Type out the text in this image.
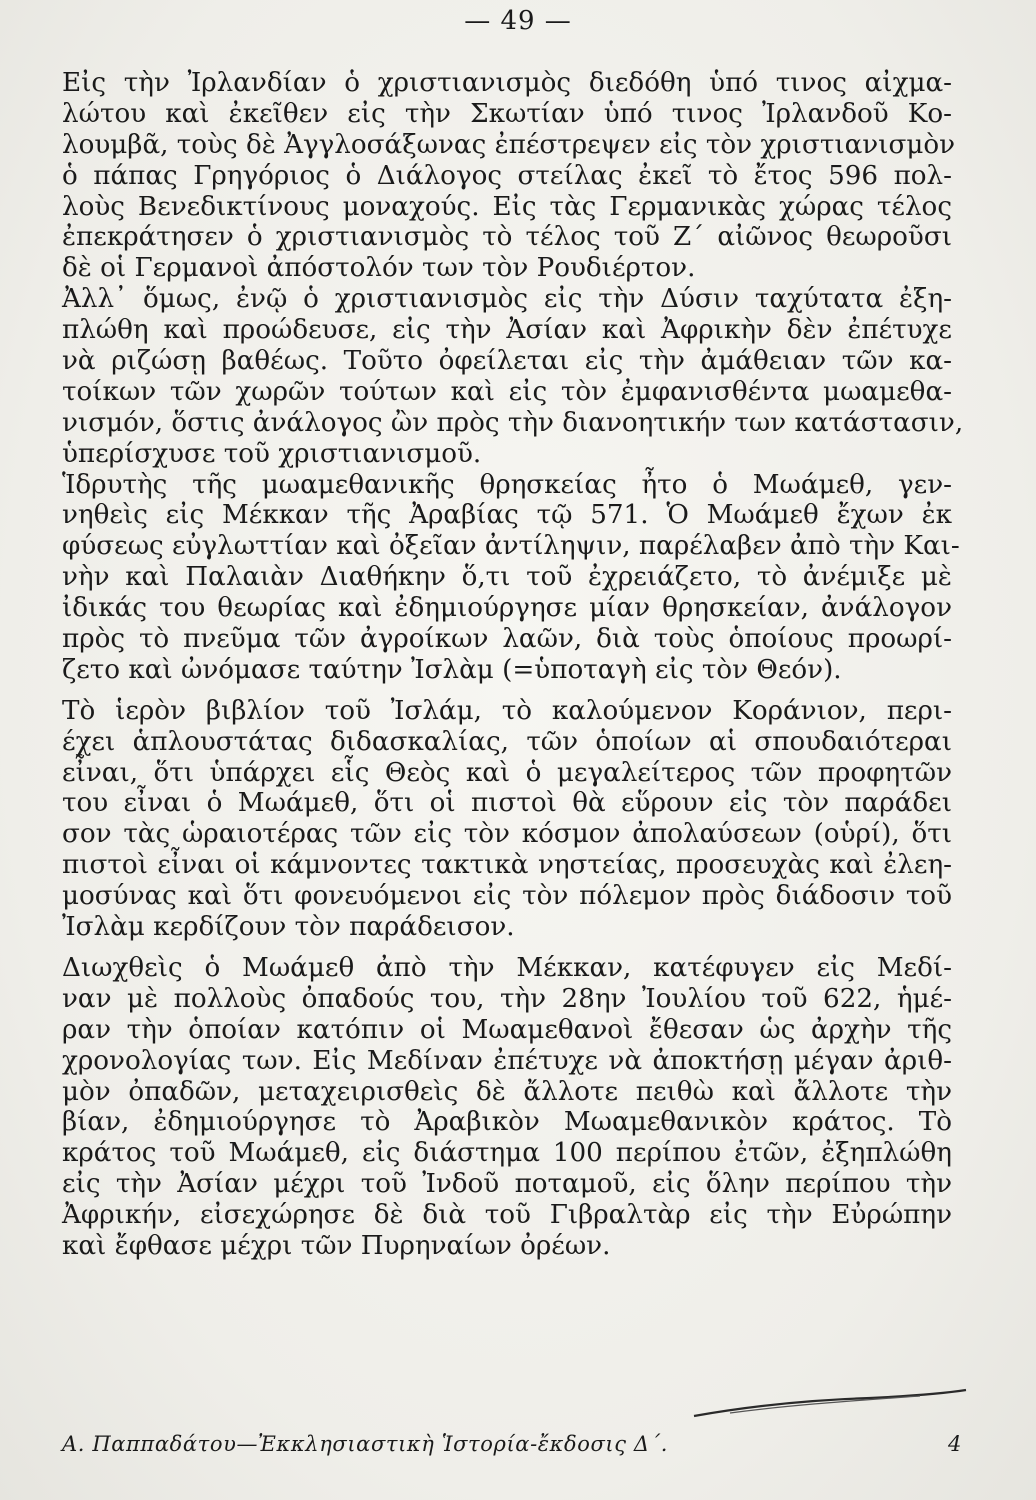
— 49 —
Εἰς τὴν Ἰρλανδίαν ὁ χριστιανισμὸς διεδόθη ὑπό τινος αἰχμα-
λώτου καὶ ἐκεῖθεν εἰς τὴν Σκωτίαν ὑπό τινος Ἰρλανδοῦ Κο-
λουμβᾶ, τοὺς δὲ Ἀγγλοσάξωνας ἐπέστρεψεν εἰς τὸν χριστιανισμὸν
ὁ πάπας Γρηγόριος ὁ Διάλογος στείλας ἐκεῖ τὸ ἔτος 596 πολ-
λοὺς Βενεδικτίνους μοναχούς. Εἰς τὰς Γερμανικὰς χώρας τέλος
ἐπεκράτησεν ὁ χριστιανισμὸς τὸ τέλος τοῦ Ζ΄ αἰῶνος θεωροῦσι
δὲ οἱ Γερμανοὶ ἀπόστολόν των τὸν Ρουδιέρτον.
Ἀλλ᾿ ὅμως, ἐνῷ ὁ χριστιανισμὸς εἰς τὴν Δύσιν ταχύτατα ἐξη-
πλώθη καὶ προώδευσε, εἰς τὴν Ἀσίαν καὶ Ἀφρικὴν δὲν ἐπέτυχε
νὰ ριζώσῃ βαθέως. Τοῦτο ὀφείλεται εἰς τὴν ἀμάθειαν τῶν κα-
τοίκων τῶν χωρῶν τούτων καὶ εἰς τὸν ἐμφανισθέντα μωαμεθα-
νισμόν, ὅστις ἀνάλογος ὢν πρὸς τὴν διανοητικήν των κατάστασιν,
ὑπερίσχυσε τοῦ χριστιανισμοῦ.
Ἱδρυτὴς τῆς μωαμεθανικῆς θρησκείας ἦτο ὁ Μωάμεθ, γεν-
νηθεὶς εἰς Μέκκαν τῆς Ἀραβίας τῷ 571. Ὁ Μωάμεθ ἔχων ἐκ
φύσεως εὐγλωττίαν καὶ ὀξεῖαν ἀντίληψιν, παρέλαβεν ἀπὸ τὴν Και-
νὴν καὶ Παλαιὰν Διαθήκην ὅ,τι τοῦ ἐχρειάζετο, τὸ ἀνέμιξε μὲ
ἰδικάς του θεωρίας καὶ ἐδημιούργησε μίαν θρησκείαν, ἀνάλογον
πρὸς τὸ πνεῦμα τῶν ἀγροίκων λαῶν, διὰ τοὺς ὁποίους προωρί-
ζετο καὶ ὠνόμασε ταύτην Ἰσλὰμ (=ὑποταγὴ εἰς τὸν Θεόν).
Τὸ ἱερὸν βιβλίον τοῦ Ἰσλάμ, τὸ καλούμενον Κοράνιον, περι-
έχει ἁπλουστάτας διδασκαλίας, τῶν ὁποίων αἱ σπουδαιότεραι
εἶναι, ὅτι ὑπάρχει εἷς Θεὸς καὶ ὁ μεγαλείτερος τῶν προφητῶν
του εἶναι ὁ Μωάμεθ, ὅτι οἱ πιστοὶ θὰ εὕρουν εἰς τὸν παράδει
σον τὰς ὡραιοτέρας τῶν εἰς τὸν κόσμον ἀπολαύσεων (οὑρί), ὅτι
πιστοὶ εἶναι οἱ κάμνοντες τακτικὰ νηστείας, προσευχὰς καὶ ἐλεη-
μοσύνας καὶ ὅτι φονευόμενοι εἰς τὸν πόλεμον πρὸς διάδοσιν τοῦ
Ἰσλὰμ κερδίζουν τὸν παράδεισον.
Διωχθεὶς ὁ Μωάμεθ ἀπὸ τὴν Μέκκαν, κατέφυγεν εἰς Μεδί-
ναν μὲ πολλοὺς ὀπαδούς του, τὴν 28ην Ἰουλίου τοῦ 622, ἡμέ-
ραν τὴν ὁποίαν κατόπιν οἱ Μωαμεθανοὶ ἔθεσαν ὡς ἀρχὴν τῆς
χρονολογίας των. Εἰς Μεδίναν ἐπέτυχε νὰ ἀποκτήσῃ μέγαν ἀριθ-
μὸν ὀπαδῶν, μεταχειρισθεὶς δὲ ἄλλοτε πειθὼ καὶ ἄλλοτε τὴν
βίαν, ἐδημιούργησε τὸ Ἀραβικὸν Μωαμεθανικὸν κράτος. Τὸ
κράτος τοῦ Μωάμεθ, εἰς διάστημα 100 περίπου ἐτῶν, ἐξηπλώθη
εἰς τὴν Ἀσίαν μέχρι τοῦ Ἰνδοῦ ποταμοῦ, εἰς ὅλην περίπου τὴν
Ἀφρικήν, εἰσεχώρησε δὲ διὰ τοῦ Γιβραλτὰρ εἰς τὴν Εὐρώπην
καὶ ἔφθασε μέχρι τῶν Πυρηναίων ὀρέων.
Α. Παππαδάτου—Ἐκκλησιαστικὴ Ἱστορία-ἔκδοσις Δ΄.	4
